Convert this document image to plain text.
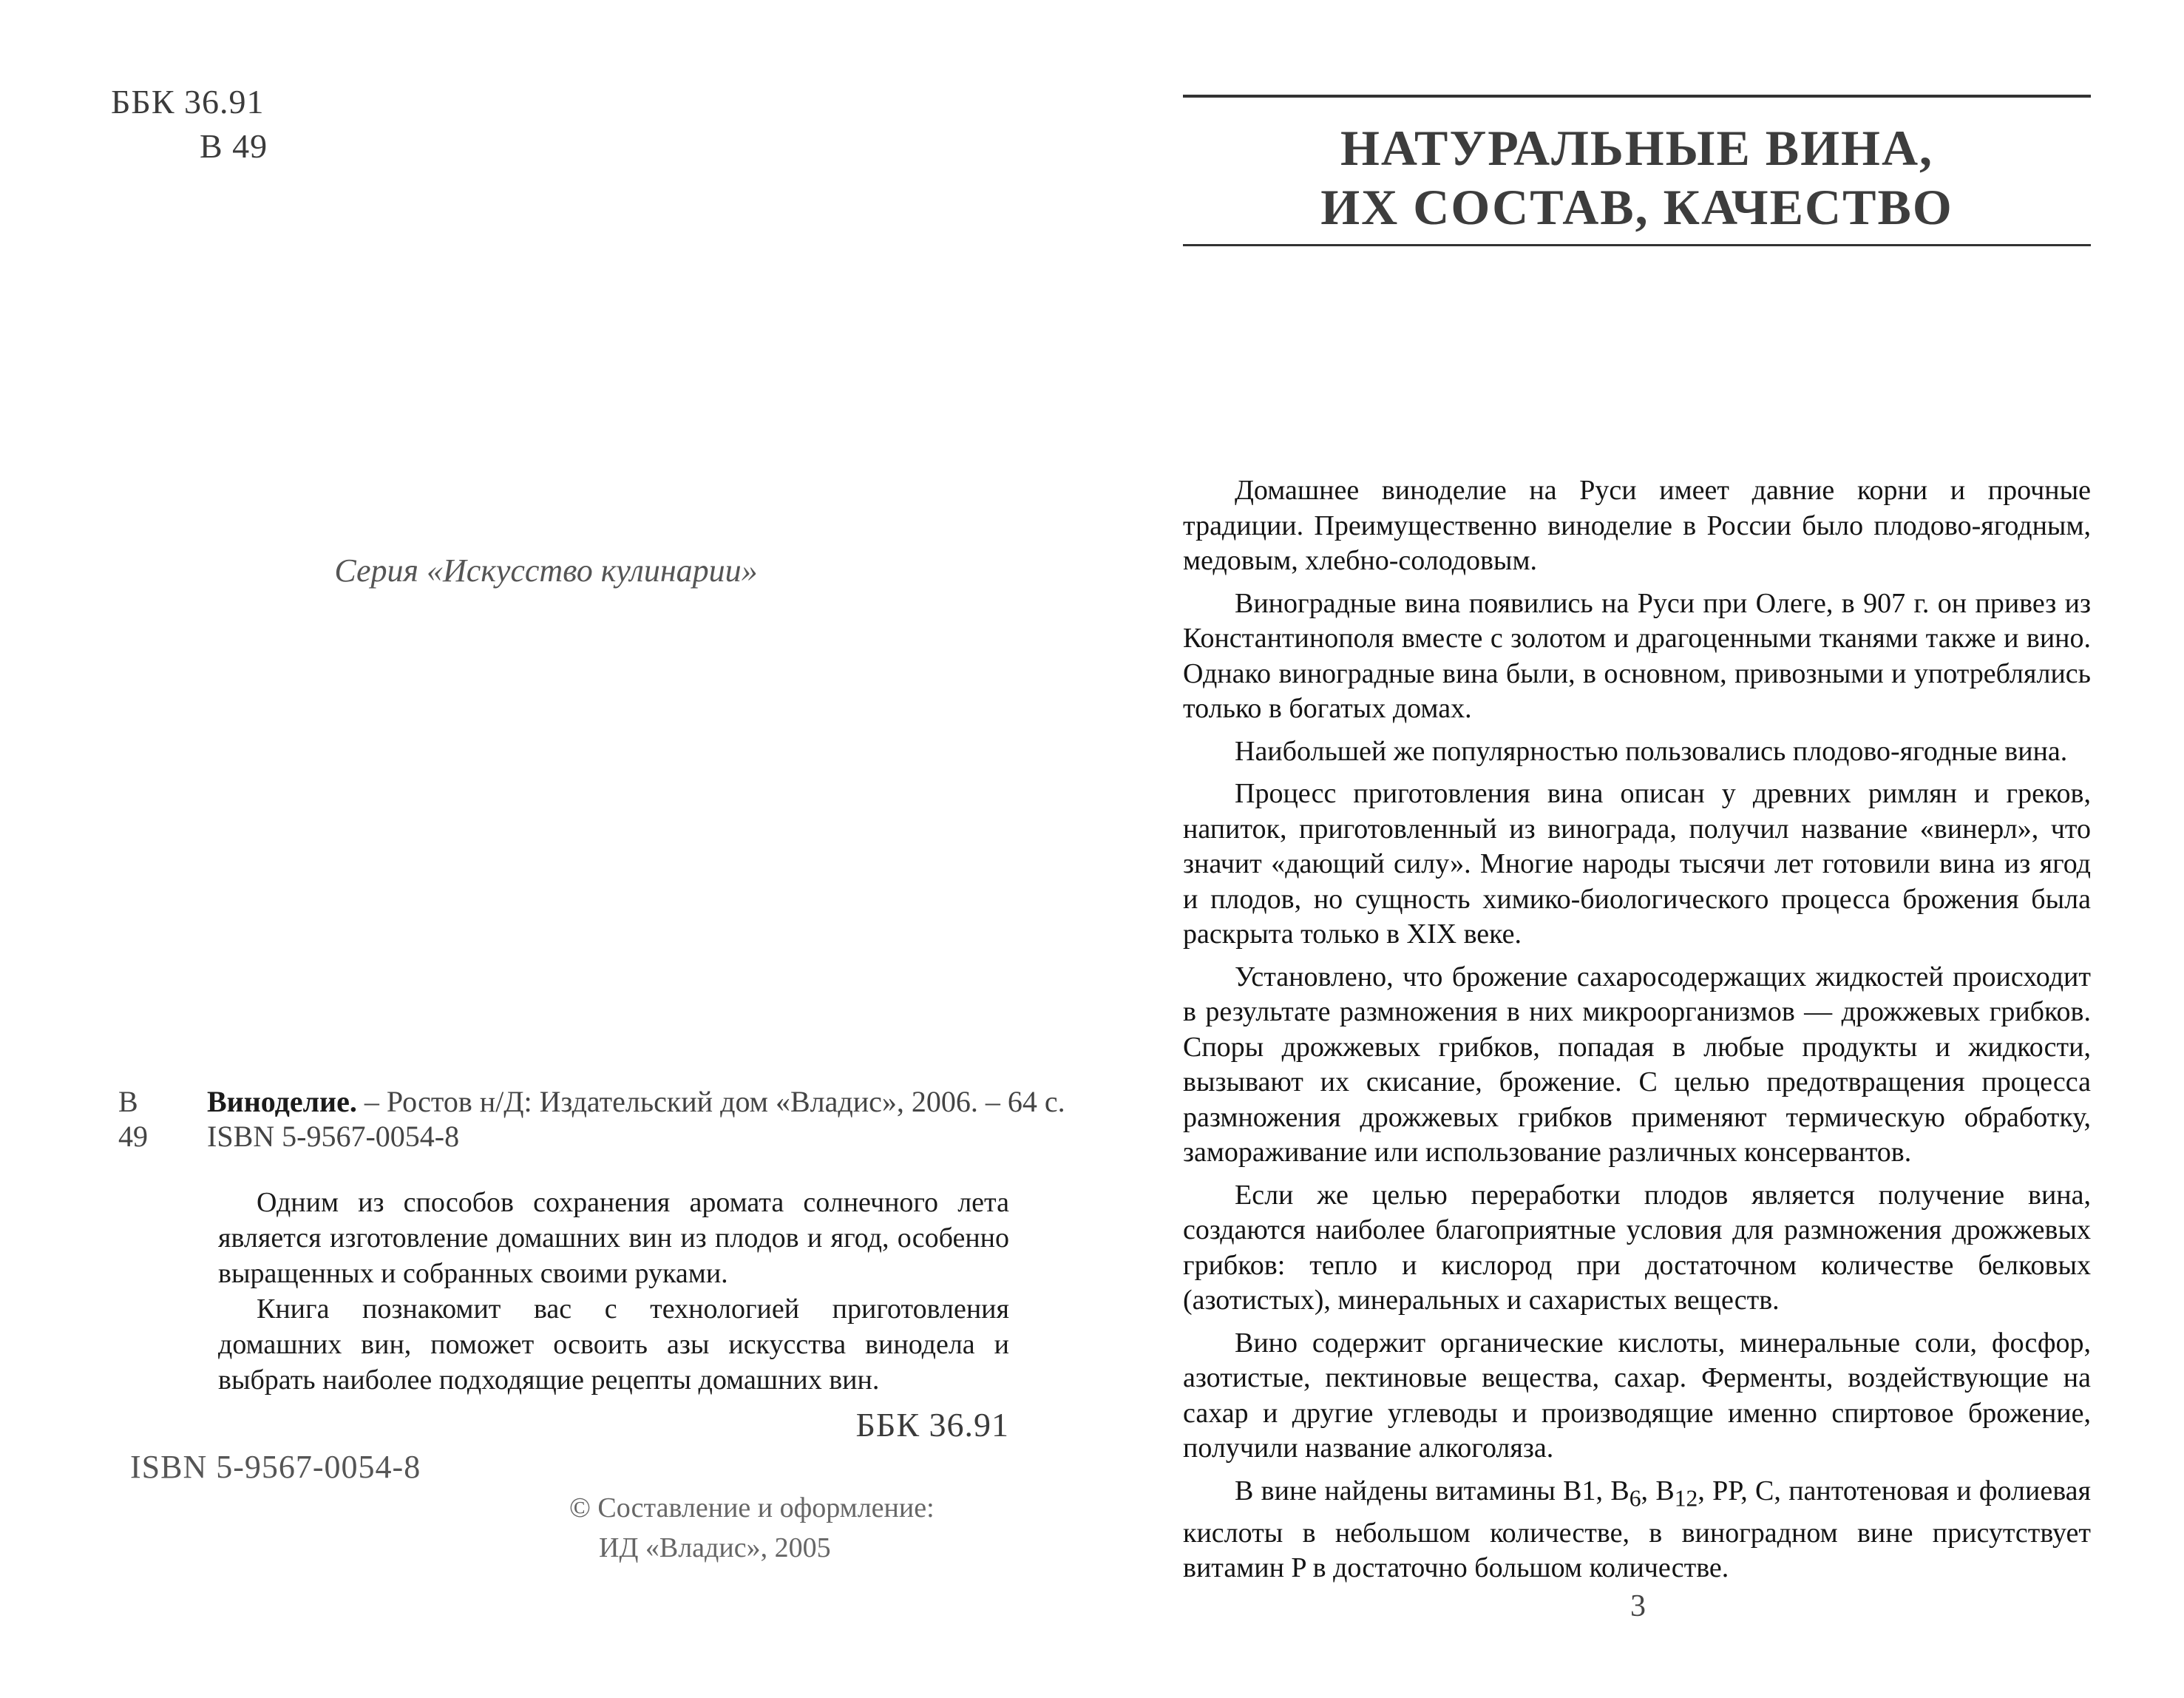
ББК 36.91
В 49
Серия «Искусство кулинарии»
В 49
Виноделие. – Ростов н/Д: Издательский дом «Владис», 2006. – 64 с.
ISBN 5-9567-0054-8

Одним из способов сохранения аромата солнечного лета является изготовление домашних вин из плодов и ягод, особенно выращенных и собранных своими руками.

Книга познакомит вас с технологией приготовления домашних вин, поможет освоить азы искусства винодела и выбрать наиболее подходящие рецепты домашних вин.

ББК 36.91
ISBN 5-9567-0054-8
© Составление и оформление:
ИД «Владис», 2005
НАТУРАЛЬНЫЕ ВИНА,
ИХ СОСТАВ, КАЧЕСТВО

Домашнее виноделие на Руси имеет давние корни и прочные традиции. Преимущественно виноделие в России было плодово-ягодным, медовым, хлебно-солодовым.

Виноградные вина появились на Руси при Олеге, в 907 г. он привез из Константинополя вместе с золотом и драгоценными тканями также и вино. Однако виноградные вина были, в основном, привозными и употреблялись только в богатых домах.

Наибольшей же популярностью пользовались плодово-ягодные вина.

Процесс приготовления вина описан у древних римлян и греков, напиток, приготовленный из винограда, получил название «винерл», что значит «дающий силу». Многие народы тысячи лет готовили вина из ягод и плодов, но сущность химико-биологического процесса брожения была раскрыта только в XIX веке.

Установлено, что брожение сахаросодержащих жидкостей происходит в результате размножения в них микроорганизмов — дрожжевых грибков. Споры дрожжевых грибков, попадая в любые продукты и жидкости, вызывают их скисание, брожение. С целью предотвращения процесса размножения дрожжевых грибков применяют термическую обработку, замораживание или использование различных консервантов.

Если же целью переработки плодов является получение вина, создаются наиболее благоприятные условия для размножения дрожжевых грибков: тепло и кислород при достаточном количестве белковых (азотистых), минеральных и сахаристых веществ.

Вино содержит органические кислоты, минеральные соли, фосфор, азотистые, пектиновые вещества, сахар. Ферменты, воздействующие на сахар и другие углеводы и производящие именно спиртовое брожение, получили название алкоголяза.

В вине найдены витамины B1, $B_6$, $B_{12}$, PP, C, пантотеновая и фолиевая кислоты в небольшом количестве, в виноградном вине присутствует витамин P в достаточно большом количестве.

3
